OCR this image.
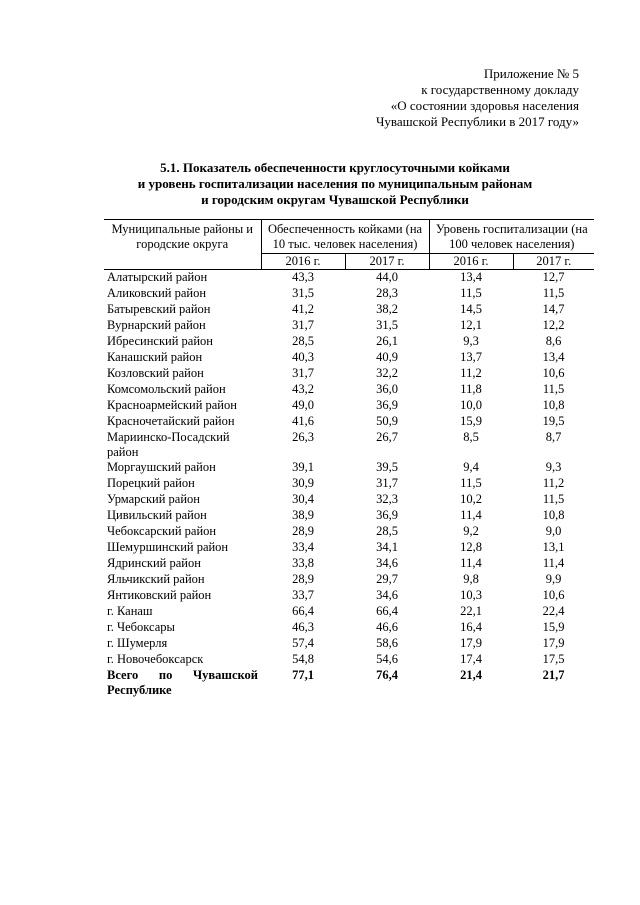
Приложение № 5
к государственному докладу
«О состоянии здоровья населения
Чувашской Республики в 2017 году»
5.1. Показатель обеспеченности круглосуточными койками
и уровень госпитализации населения по муниципальным районам
и городским округам Чувашской Республики
Муниципальные районы и городские округа	Обеспеченность койками (на 10 тыс. человек населения)		Уровень госпитализации (на 100 человек населения)	
	2016 г.	2017 г.	2016 г.	2017 г.
Алатырский район	43,3	44,0	13,4	12,7
Аликовский район	31,5	28,3	11,5	11,5
Батыревский район	41,2	38,2	14,5	14,7
Вурнарский район	31,7	31,5	12,1	12,2
Ибресинский район	28,5	26,1	9,3	8,6
Канашский район	40,3	40,9	13,7	13,4
Козловский район	31,7	32,2	11,2	10,6
Комсомольский район	43,2	36,0	11,8	11,5
Красноармейский район	49,0	36,9	10,0	10,8
Красночетайский район	41,6	50,9	15,9	19,5
Мариинско-Посадский район	26,3	26,7	8,5	8,7
Моргаушский район	39,1	39,5	9,4	9,3
Порецкий район	30,9	31,7	11,5	11,2
Урмарский район	30,4	32,3	10,2	11,5
Цивильский район	38,9	36,9	11,4	10,8
Чебоксарский район	28,9	28,5	9,2	9,0
Шемуршинский район	33,4	34,1	12,8	13,1
Ядринский район	33,8	34,6	11,4	11,4
Яльчикский район	28,9	29,7	9,8	9,9
Янтиковский район	33,7	34,6	10,3	10,6
г. Канаш	66,4	66,4	22,1	22,4
г. Чебоксары	46,3	46,6	16,4	15,9
г. Шумерля	57,4	58,6	17,9	17,9
г. Новочебоксарск	54,8	54,6	17,4	17,5
Всего по Чувашской Республике	77,1	76,4	21,4	21,7
